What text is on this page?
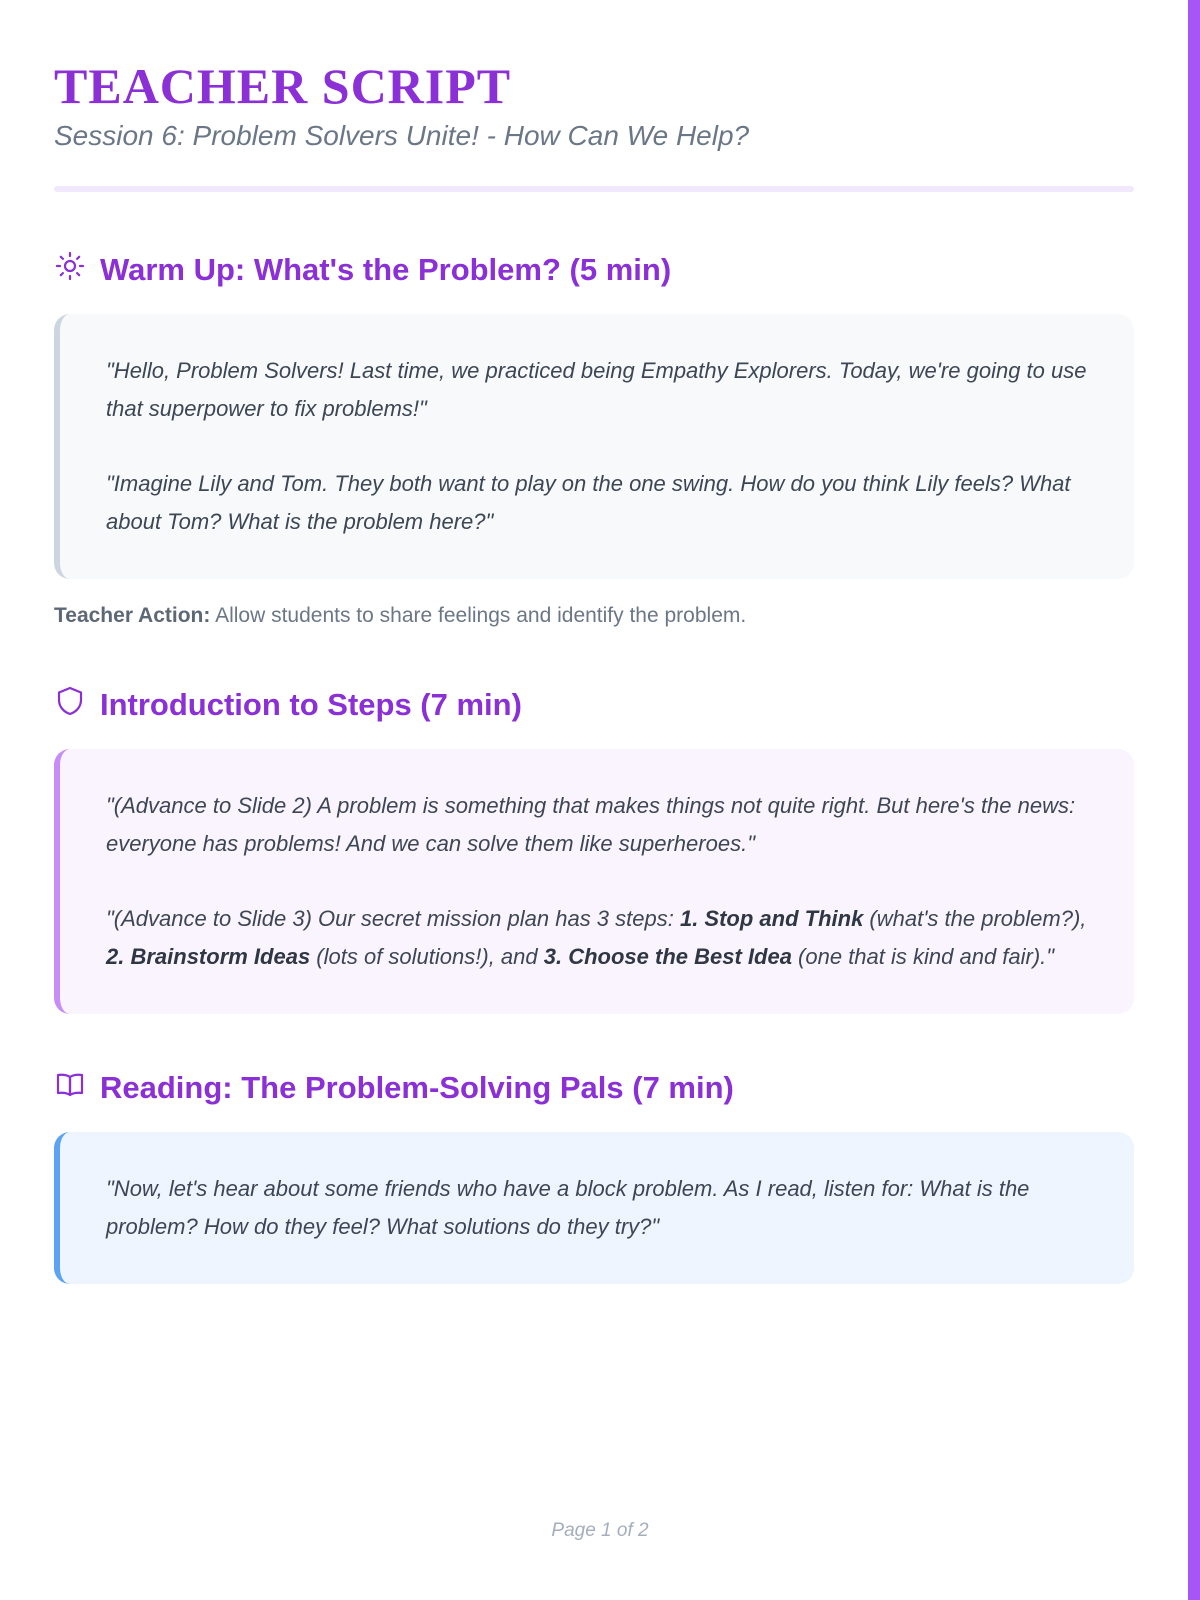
TEACHER SCRIPT
Session 6: Problem Solvers Unite! - How Can We Help?
Warm Up: What's the Problem? (5 min)

"Hello, Problem Solvers! Last time, we practiced being Empathy Explorers. Today, we're going to use that superpower to fix problems!"

"Imagine Lily and Tom. They both want to play on the one swing. How do you think Lily feels? What about Tom? What is the problem here?"

Teacher Action: Allow students to share feelings and identify the problem.
Introduction to Steps (7 min)

"(Advance to Slide 2) A problem is something that makes things not quite right. But here's the news: everyone has problems! And we can solve them like superheroes."

"(Advance to Slide 3) Our secret mission plan has 3 steps: 1. Stop and Think (what's the problem?), 2. Brainstorm Ideas (lots of solutions!), and 3. Choose the Best Idea (one that is kind and fair)."

Reading: The Problem-Solving Pals (7 min)

"Now, let's hear about some friends who have a block problem. As I read, listen for: What is the problem? How do they feel? What solutions do they try?"

Page 1 of 2
